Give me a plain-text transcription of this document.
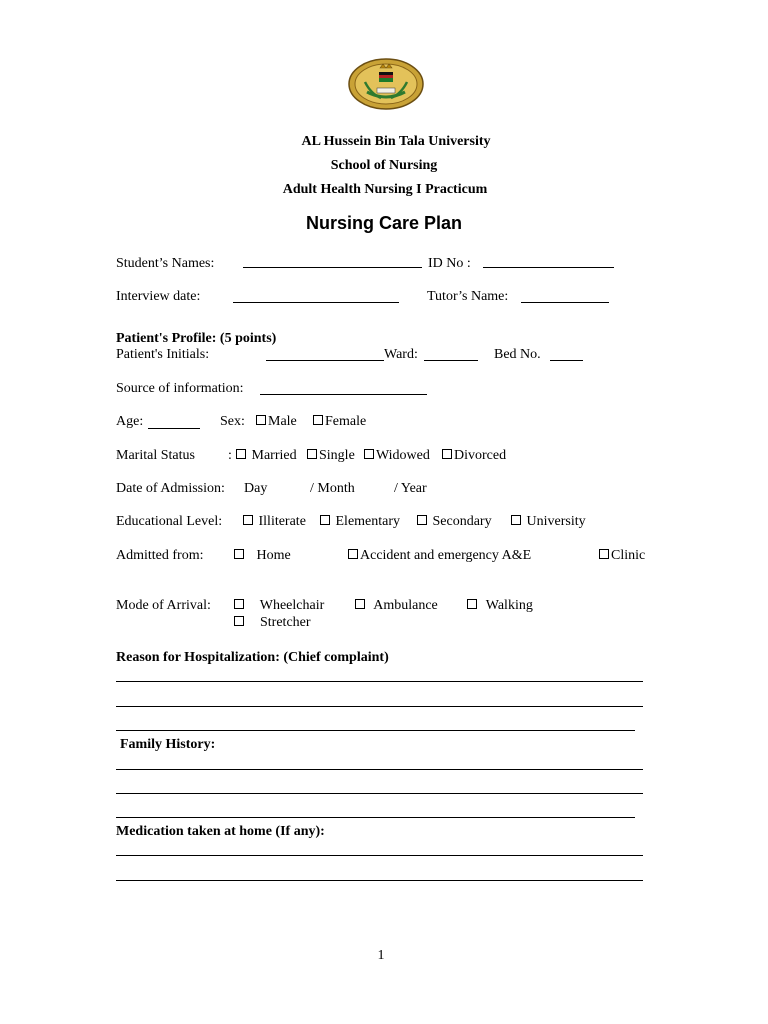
AL Hussein Bin Tala University
School of Nursing
Adult Health Nursing I Practicum
Nursing Care Plan
Student’s Names:	ID No :
Interview date:	Tutor’s Name:
Patient's Profile: (5 points)
Patient's Initials:	Ward:	Bed No.
Source of information:
Age:	Sex:	Male	Female
Marital Status :	Married	Single	Widowed	Divorced
Date of Admission: Day	/ Month	/ Year
Educational Level:	Illiterate	Elementary	Secondary	University
Admitted from:	Home	Accident and emergency A&E	Clinic
Mode of Arrival:	Wheelchair	Ambulance	Walking
Stretcher
Reason for Hospitalization: (Chief complaint)
Family History:
Medication taken at home (If any):
1
